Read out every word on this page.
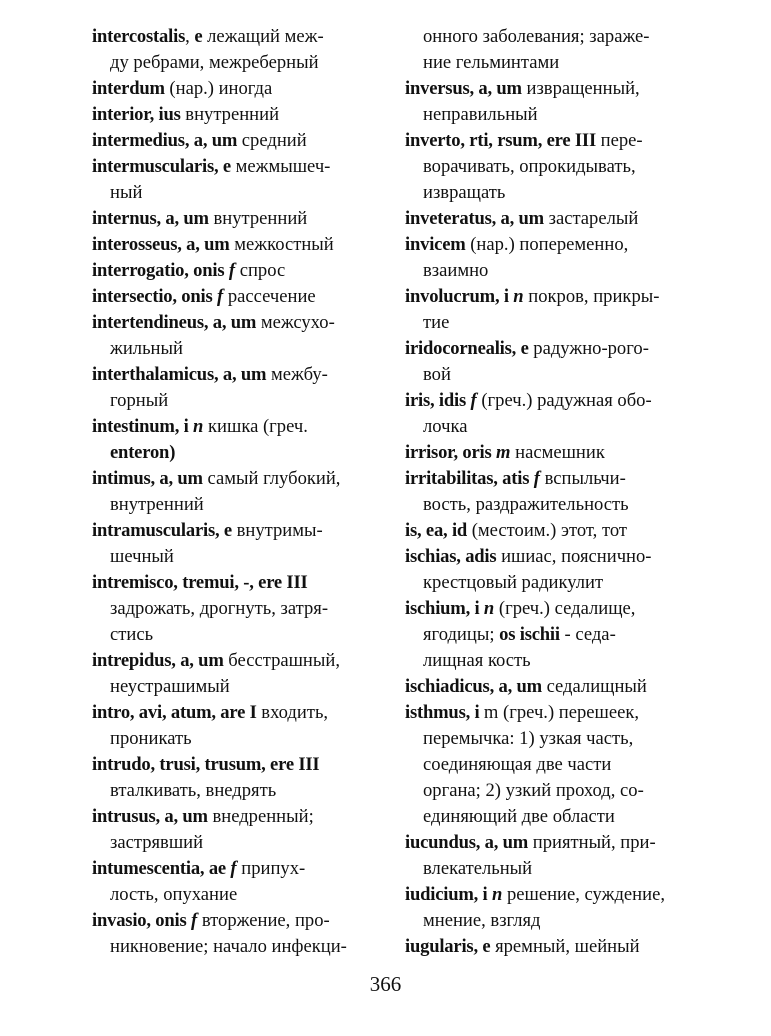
intercostalis, e лежащий меж-
ду ребрами, межреберный
interdum (нар.) иногда
interior, ius внутренний
intermedius, a, um средний
intermuscularis, e межмышеч-
ный
internus, a, um внутренний
interosseus, a, um межкостный
interrogatio, onis f спрос
intersectio, onis f рассечение
intertendineus, a, um межсухо-
жильный
interthalamicus, a, um межбу-
горный
intestinum, i n кишка (греч.
enteron)
intimus, a, um самый глубокий,
внутренний
intramuscularis, e внутримы-
шечный
intremisco, tremui, -, ere III
задрожать, дрогнуть, затря-
стись
intrepidus, a, um бесстрашный,
неустрашимый
intro, avi, atum, are I входить,
проникать
intrudo, trusi, trusum, ere III
вталкивать, внедрять
intrusus, a, um внедренный;
застрявший
intumescentia, ae f припух-
лость, опухание
invasio, onis f вторжение, про-
никновение; начало инфекци-
онного заболевания; зараже-
ние гельминтами
inversus, a, um извращенный,
неправильный
inverto, rti, rsum, ere III пере-
ворачивать, опрокидывать,
извращать
inveteratus, a, um застарелый
invicem (нар.) попеременно,
взаимно
involucrum, i n покров, прикры-
тие
iridocornealis, e радужно-рого-
вой
iris, idis f (греч.) радужная обо-
лочка
irrisor, oris m насмешник
irritabilitas, atis f вспыльчи-
вость, раздражительность
is, ea, id (местоим.) этот, тот
ischias, adis ишиас, пояснично-
крестцовый радикулит
ischium, i n (греч.) седалище,
ягодицы; os ischii - седа-
лищная кость
ischiadicus, a, um седалищный
isthmus, i m (греч.) перешеек,
перемычка: 1) узкая часть,
соединяющая две части
органа; 2) узкий проход, со-
единяющий две области
iucundus, a, um приятный, при-
влекательный
iudicium, i n решение, суждение,
мнение, взгляд
iugularis, e яремный, шейный
366
